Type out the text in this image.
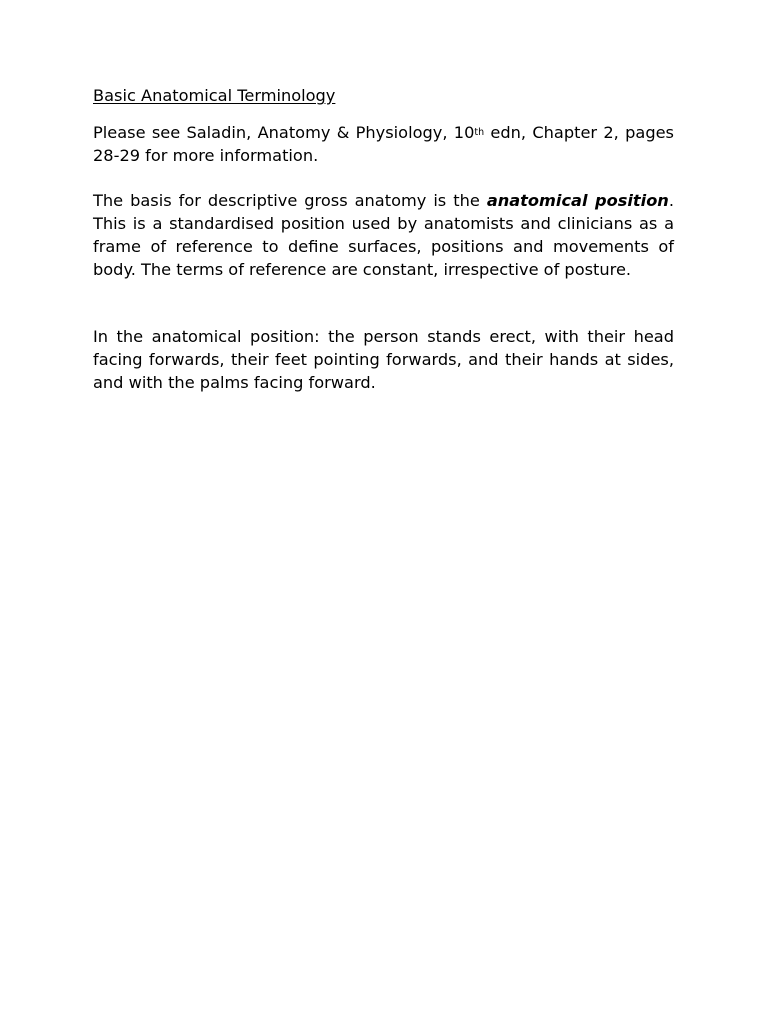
Basic Anatomical Terminology

Please see Saladin, Anatomy & Physiology, 10th edn, Chapter 2, pages 28-29 for more information.

The basis for descriptive gross anatomy is the anatomical position. This is a standardised position used by anatomists and clinicians as a frame of reference to define surfaces, positions and movements of body. The terms of reference are constant, irrespective of posture.

In the anatomical position: the person stands erect, with their head facing forwards, their feet pointing forwards, and their hands at sides, and with the palms facing forward.
